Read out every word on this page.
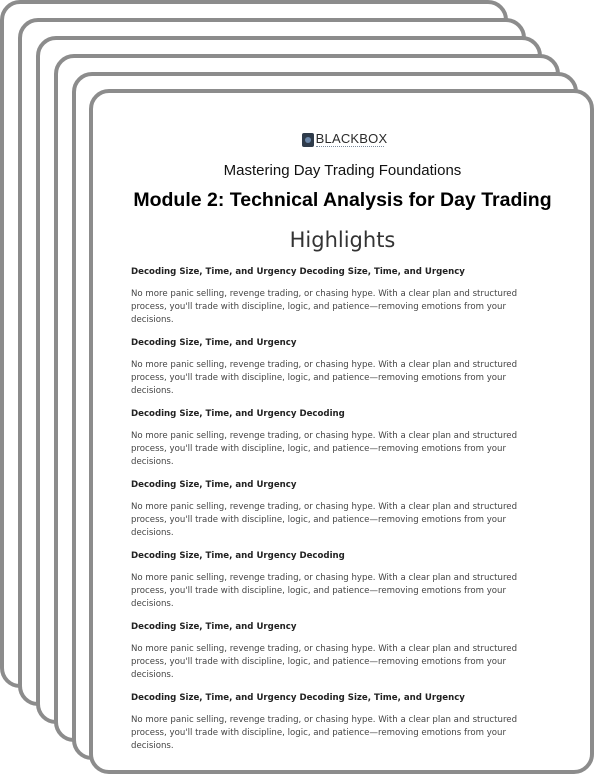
BLACKBOX
Mastering Day Trading Foundations
Module 2: Technical Analysis for Day Trading
Highlights
Decoding Size, Time, and Urgency Decoding Size, Time, and Urgency
No more panic selling, revenge trading, or chasing hype. With a clear plan and structured process, you'll trade with discipline, logic, and patience—removing emotions from your decisions.
Decoding Size, Time, and Urgency
No more panic selling, revenge trading, or chasing hype. With a clear plan and structured process, you'll trade with discipline, logic, and patience—removing emotions from your decisions.
Decoding Size, Time, and Urgency Decoding
No more panic selling, revenge trading, or chasing hype. With a clear plan and structured process, you'll trade with discipline, logic, and patience—removing emotions from your decisions.
Decoding Size, Time, and Urgency
No more panic selling, revenge trading, or chasing hype. With a clear plan and structured process, you'll trade with discipline, logic, and patience—removing emotions from your decisions.
Decoding Size, Time, and Urgency Decoding
No more panic selling, revenge trading, or chasing hype. With a clear plan and structured process, you'll trade with discipline, logic, and patience—removing emotions from your decisions.
Decoding Size, Time, and Urgency
No more panic selling, revenge trading, or chasing hype. With a clear plan and structured process, you'll trade with discipline, logic, and patience—removing emotions from your decisions.
Decoding Size, Time, and Urgency Decoding Size, Time, and Urgency
No more panic selling, revenge trading, or chasing hype. With a clear plan and structured process, you'll trade with discipline, logic, and patience—removing emotions from your decisions.
